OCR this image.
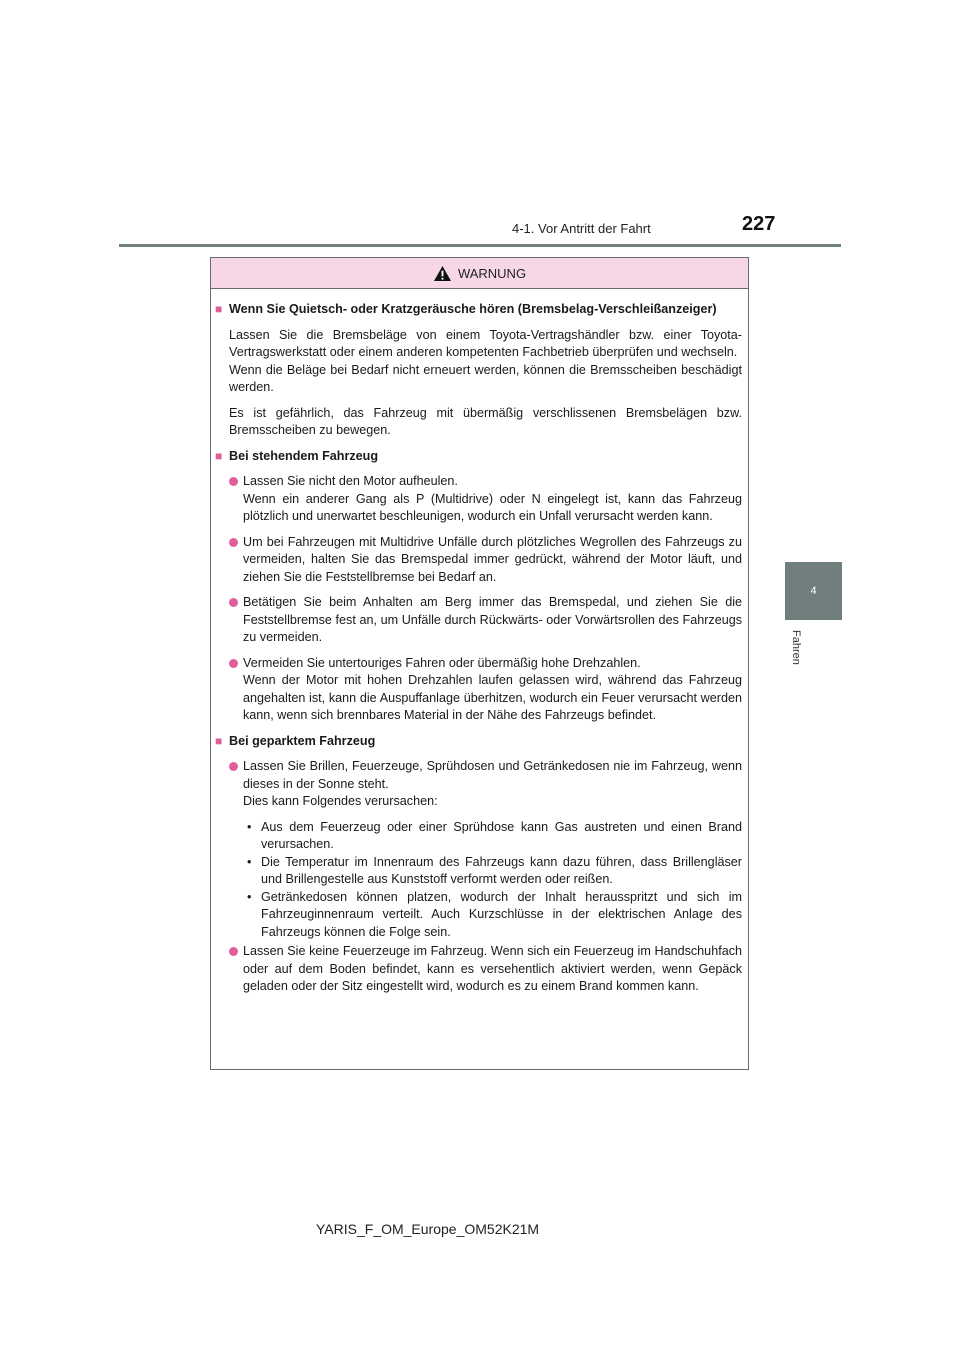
4-1. Vor Antritt der Fahrt	227
4
Fahren
WARNUNG
■ Wenn Sie Quietsch- oder Kratzgeräusche hören (Bremsbelag-Verschleißanzeiger)
Lassen Sie die Bremsbeläge von einem Toyota-Vertragshändler bzw. einer Toyota-Vertragswerkstatt oder einem anderen kompetenten Fachbetrieb überprüfen und wechseln.
Wenn die Beläge bei Bedarf nicht erneuert werden, können die Bremsscheiben beschädigt werden.
Es ist gefährlich, das Fahrzeug mit übermäßig verschlissenen Bremsbelägen bzw. Bremsscheiben zu bewegen.
■ Bei stehendem Fahrzeug
Lassen Sie nicht den Motor aufheulen.
Wenn ein anderer Gang als P (Multidrive) oder N eingelegt ist, kann das Fahrzeug plötzlich und unerwartet beschleunigen, wodurch ein Unfall verursacht werden kann.
Um bei Fahrzeugen mit Multidrive Unfälle durch plötzliches Wegrollen des Fahrzeugs zu vermeiden, halten Sie das Bremspedal immer gedrückt, während der Motor läuft, und ziehen Sie die Feststellbremse bei Bedarf an.
Betätigen Sie beim Anhalten am Berg immer das Bremspedal, und ziehen Sie die Feststellbremse fest an, um Unfälle durch Rückwärts- oder Vorwärtsrollen des Fahrzeugs zu vermeiden.
Vermeiden Sie untertouriges Fahren oder übermäßig hohe Drehzahlen.
Wenn der Motor mit hohen Drehzahlen laufen gelassen wird, während das Fahrzeug angehalten ist, kann die Auspuffanlage überhitzen, wodurch ein Feuer verursacht werden kann, wenn sich brennbares Material in der Nähe des Fahrzeugs befindet.
■ Bei geparktem Fahrzeug
Lassen Sie Brillen, Feuerzeuge, Sprühdosen und Getränkedosen nie im Fahrzeug, wenn dieses in der Sonne steht.
Dies kann Folgendes verursachen:
• Aus dem Feuerzeug oder einer Sprühdose kann Gas austreten und einen Brand verursachen.
• Die Temperatur im Innenraum des Fahrzeugs kann dazu führen, dass Brillengläser und Brillengestelle aus Kunststoff verformt werden oder reißen.
• Getränkedosen können platzen, wodurch der Inhalt herausspritzt und sich im Fahrzeuginnenraum verteilt. Auch Kurzschlüsse in der elektrischen Anlage des Fahrzeugs können die Folge sein.
Lassen Sie keine Feuerzeuge im Fahrzeug. Wenn sich ein Feuerzeug im Handschuhfach oder auf dem Boden befindet, kann es versehentlich aktiviert werden, wenn Gepäck geladen oder der Sitz eingestellt wird, wodurch es zu einem Brand kommen kann.
YARIS_F_OM_Europe_OM52K21M
